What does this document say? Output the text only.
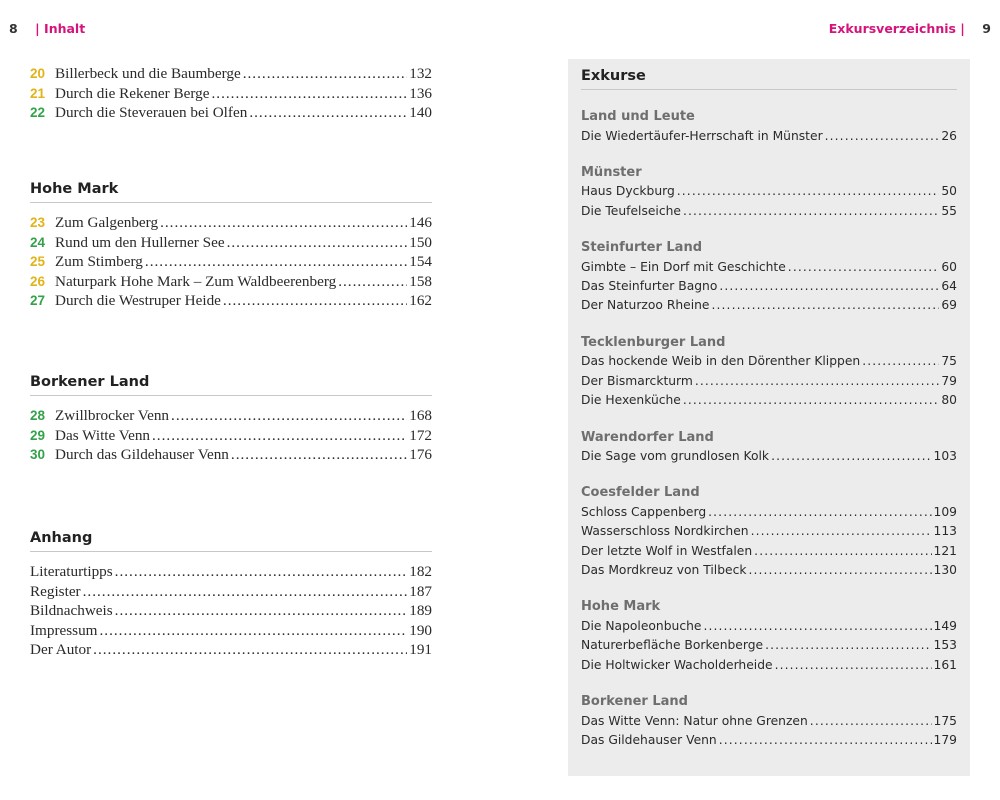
8 | Inhalt	Exkursverzeichnis | 9
20 Billerbeck und die Baumberge . . .	132
21 Durch die Rekener Berge . . .	136
22 Durch die Steverauen bei Olfen . . .	140
Hohe Mark
23 Zum Galgenberg . . .	146
24 Rund um den Hullerner See . . .	150
25 Zum Stimberg . . .	154
26 Naturpark Hohe Mark – Zum Waldbeerenberg . . .	158
27 Durch die Westruper Heide . . .	162
Borkener Land
28 Zwillbrocker Venn . . .	168
29 Das Witte Venn . . .	172
30 Durch das Gildehauser Venn . . .	176
Anhang
Literaturtipps . . .	182
Register . . .	187
Bildnachweis . . .	189
Impressum . . .	190
Der Autor . . .	191
Exkurse
Land und Leute
Die Wiedertäufer-Herrschaft in Münster . . .	26
Münster
Haus Dyckburg . . .	50
Die Teufelseiche . . .	55
Steinfurter Land
Gimbte – Ein Dorf mit Geschichte . . .	60
Das Steinfurter Bagno . . .	64
Der Naturzoo Rheine . . .	69
Tecklenburger Land
Das hockende Weib in den Dörenther Klippen . . .	75
Der Bismarckturm . . .	79
Die Hexenküche . . .	80
Warendorfer Land
Die Sage vom grundlosen Kolk . . .	103
Coesfelder Land
Schloss Cappenberg . . .	109
Wasserschloss Nordkirchen . . .	113
Der letzte Wolf in Westfalen . . .	121
Das Mordkreuz von Tilbeck . . .	130
Hohe Mark
Die Napoleonbuche . . .	149
Naturerbefläche Borkenberge . . .	153
Die Holtwicker Wacholderheide . . .	161
Borkener Land
Das Witte Venn: Natur ohne Grenzen . . .	175
Das Gildehauser Venn . . .	179
